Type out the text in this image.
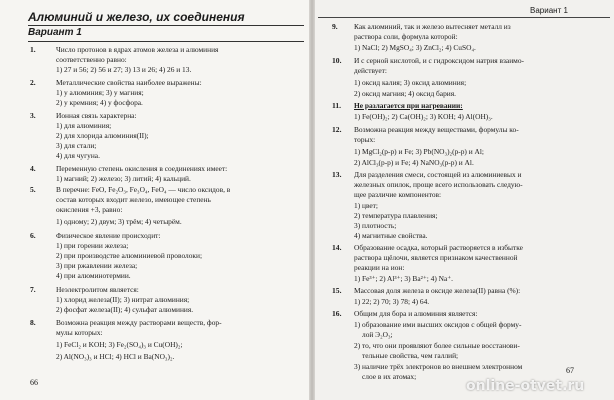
Алюминий и железо, их соединения
Вариант 1
1.	Число протонов в ядрах атомов железа и алюминия
соответственно равно:
1) 27 и 56; 2) 56 и 27; 3) 13 и 26; 4) 26 и 13.
2.	Металлические свойства наиболее выражены:
1) у алюминия; 3) у магния;
2) у кремния; 4) у фосфора.
3.	Ионная связь характерна:
1) для алюминия;
2) для хлорида алюминия(II);
3) для стали;
4) для чугуна.
4.	Переменную степень окисления в соединениях имеет:
1) магний; 2) железо; 3) литий; 4) кальций.
В перечне: FeO, Fe₂O₃, Fe₃O₄, FeO₄ — число оксидов, в
состав которых входит железо, имеющее степень
окисления +3, равно:
5.
1) одному; 2) двум; 3) трём; 4) четырём.
6.	Физическое явление происходит:
1) при горении железа;
2) при производстве алюминиевой проволоки;
3) при ржавлении железа;
4) при алюминотермии.
7.	Неэлектролитом является:
1) хлорид железа(II); 3) нитрат алюминия;
2) фосфат железа(II); 4) сульфат алюминия.
8.	Возможна реакция между растворами веществ, фор-
мулы которых:
1) FeCl₂ и KOH; 3) Fe₂(SO₄)₃ и Cu(OH)₂;
2) Al(NO₃)₃ и HCl; 4) HCl и Ba(NO₃)₂.
66
Вариант 1
9. Как алюминий, так и железо вытесняет металл из
раствора соли, формула которой:
1) NaCl; 2) MgSO₄; 3) ZnCl₂; 4) CuSO₄.
10. И с серной кислотой, и с гидроксидом натрия взаимо-
действует:
1) оксид калия; 3) оксид алюминия;
2) оксид магния; 4) оксид бария.
11. Не разлагается при нагревании:
1) Fe(OH)₂; 2) Ca(OH)₂; 3) KOH; 4) Al(OH)₃.
12. Возможна реакция между веществами, формулы ко-
торых:
1) MgCl₂(р-р) и Fe; 3) Pb(NO₃)₂(р-р) и Al;
2) AlCl₃(р-р) и Fe; 4) NaNO₃(р-р) и Al.
13. Для разделения смеси, состоящей из алюминиевых и
железных опилок, проще всего использовать следую-
щее различие компонентов:
1) цвет;
2) температура плавления;
3) плотность;
4) магнитные свойства.
14. Образование осадка, который растворяется в избытке
раствора щёлочи, является признаком качественной
реакции на ион:
1) Fe³⁺; 2) Al³⁺; 3) Ba²⁺; 4) Na⁺.
15. Массовая доля железа в оксиде железа(II) равна (%):
1) 22; 2) 70; 3) 78; 4) 64.
16. Общим для бора и алюминия является:
1) образование ими высших оксидов с общей форму-
лой Э₂O₃;
2) то, что они проявляют более сильные восстанови-
тельные свойства, чем галлий;
3) наличие трёх электронов во внешнем электронном
слое в их атомах;
67
online-otvet.ru
